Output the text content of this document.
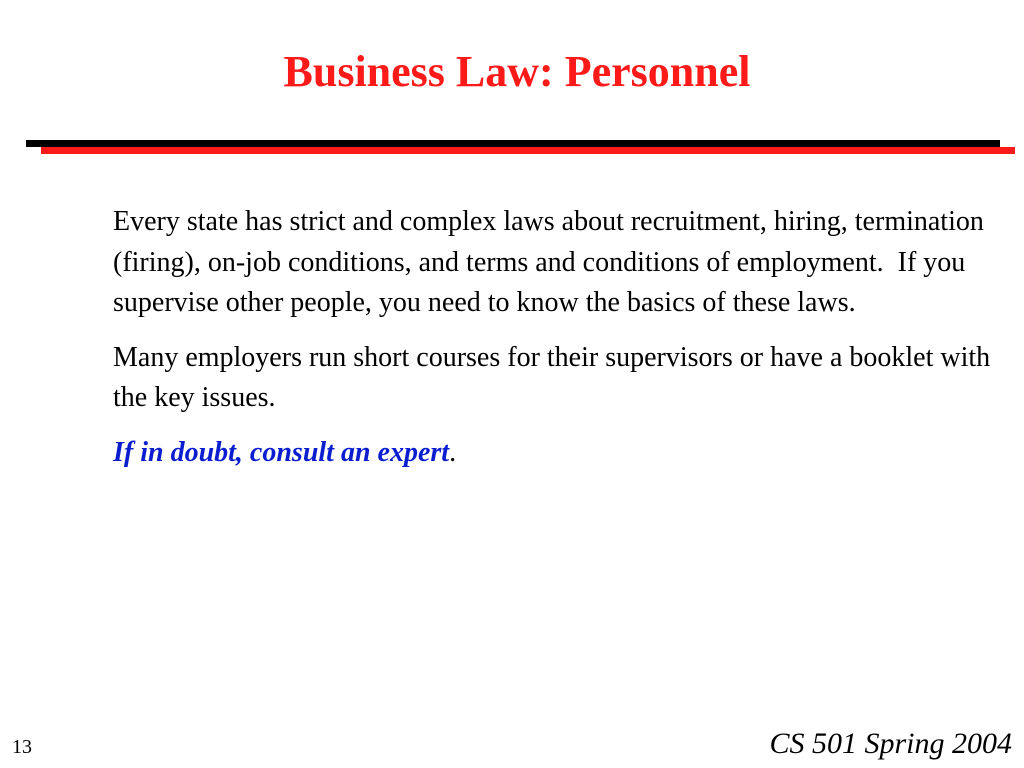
Business Law: Personnel

Every state has strict and complex laws about recruitment, hiring, termination (firing), on-job conditions, and terms and conditions of employment.  If you supervise other people, you need to know the basics of these laws.

Many employers run short courses for their supervisors or have a booklet with the key issues.

If in doubt, consult an expert.

13	CS 501 Spring 2004
